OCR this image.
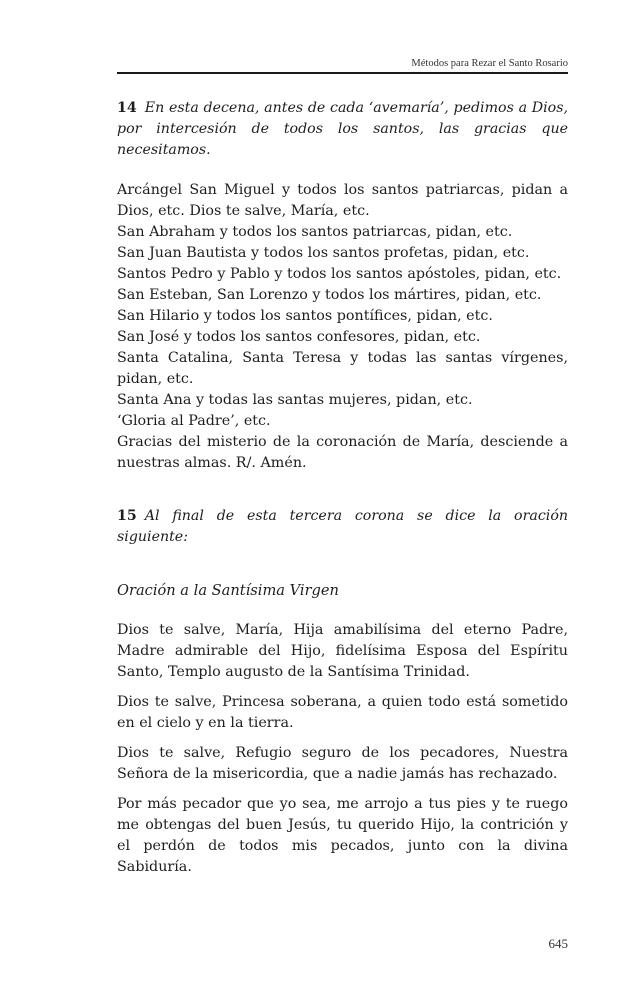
Métodos para Rezar el Santo Rosario

14 En esta decena, antes de cada ‘avemaría’, pedimos a Dios, por intercesión de todos los santos, las gracias que necesitamos.

Arcángel San Miguel y todos los santos patriarcas, pidan a Dios, etc. Dios te salve, María, etc.

San Abraham y todos los santos patriarcas, pidan, etc.

San Juan Bautista y todos los santos profetas, pidan, etc.

Santos Pedro y Pablo y todos los santos apóstoles, pidan, etc.

San Esteban, San Lorenzo y todos los mártires, pidan, etc.

San Hilario y todos los santos pontífices, pidan, etc.

San José y todos los santos confesores, pidan, etc.

Santa Catalina, Santa Teresa y todas las santas vírgenes, pidan, etc.

Santa Ana y todas las santas mujeres, pidan, etc.

‘Gloria al Padre’, etc.

Gracias del misterio de la coronación de María, desciende a nuestras almas. R/. Amén.

15 Al final de esta tercera corona se dice la oración siguiente:

Oración a la Santísima Virgen

Dios te salve, María, Hija amabilísima del eterno Padre, Madre admirable del Hijo, fidelísima Esposa del Espíritu Santo, Templo augusto de la Santísima Trinidad.

Dios te salve, Princesa soberana, a quien todo está sometido en el cielo y en la tierra.

Dios te salve, Refugio seguro de los pecadores, Nuestra Señora de la misericordia, que a nadie jamás has rechazado.

Por más pecador que yo sea, me arrojo a tus pies y te ruego me obtengas del buen Jesús, tu querido Hijo, la contrición y el perdón de todos mis pecados, junto con la divina Sabiduría.

645
